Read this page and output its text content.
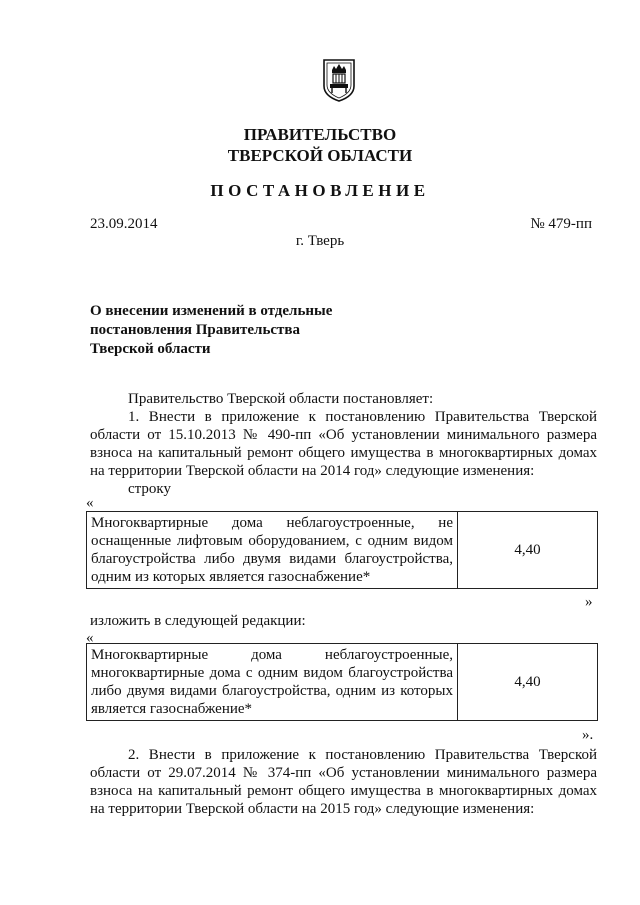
ПРАВИТЕЛЬСТВО
ТВЕРСКОЙ ОБЛАСТИ
ПОСТАНОВЛЕНИЕ
23.09.2014	№ 479-пп
г. Тверь
О внесении изменений в отдельные
постановления Правительства
Тверской области
Правительство Тверской области постановляет:
1. Внести в приложение к постановлению Правительства Тверской области от 15.10.2013 № 490-пп «Об установлении минимального размера взноса на капитальный ремонт общего имущества в многоквартирных домах на территории Тверской области на 2014 год» следующие изменения:
строку
«
Многоквартирные дома неблагоустроенные, не оснащенные лифтовым оборудованием, с одним видом благоустройства либо двумя видами благоустройства, одним из которых является газоснабжение*	4,40
»
изложить в следующей редакции:
«
Многоквартирные дома неблагоустроенные, многоквартирные дома с одним видом благоустройства либо двумя видами благоустройства, одним из которых является газоснабжение*	4,40
».
2. Внести в приложение к постановлению Правительства Тверской области от 29.07.2014 № 374-пп «Об установлении минимального размера взноса на капитальный ремонт общего имущества в многоквартирных домах на территории Тверской области на 2015 год» следующие изменения:
